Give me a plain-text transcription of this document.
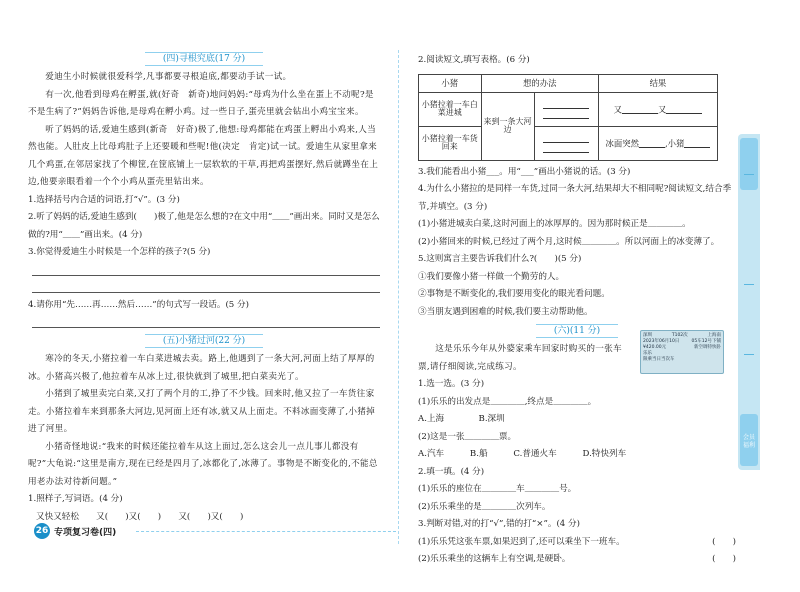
(四)寻根究底(17 分)

爱迪生小时候就很爱科学,凡事都要寻根追底,都要动手试一试。

有一次,他看到母鸡在孵蛋,就(好奇　新奇)地问妈妈:“母鸡为什么坐在蛋上不动呢?是不是生病了?”妈妈告诉他,是母鸡在孵小鸡。过一些日子,蛋壳里就会钻出小鸡宝宝来。

听了妈妈的话,爱迪生感到(新奇　好奇)极了,他想:母鸡都能在鸡蛋上孵出小鸡来,人当然也能。人肚皮上比母鸡肚子上还要暖和些呢!他(决定　肯定)试一试。爱迪生从家里拿来几个鸡蛋,在邻居家找了个柳筐,在筐底铺上一层软软的干草,再把鸡蛋摆好,然后就蹲坐在上边,他要亲眼看着一个个小鸡从蛋壳里钻出来。

1.选择括号内合适的词语,打“√”。(3 分)

2.听了妈妈的话,爱迪生感到(　　)极了,他是怎么想的?在文中用“＿＿”画出来。同时又是怎么做的?用“＿＿”画出来。(4 分)

3.你觉得爱迪生小时候是一个怎样的孩子?(5 分)

4.请你用“先……再……然后……”的句式写一段话。(5 分)

(五)小猪过河(22 分)

寒冷的冬天,小猪拉着一车白菜进城去卖。路上,他遇到了一条大河,河面上结了厚厚的冰。小猪高兴极了,他拉着车从冰上过,很快就到了城里,把白菜卖光了。

小猪到了城里卖完白菜,又打了两个月的工,挣了不少钱。回来时,他又拉了一车货往家走。小猪拉着车来到那条大河边,见河面上还有冰,就又从上面走。不料冰面变薄了,小猪掉进了河里。

小猪奇怪地说:“我来的时候还能拉着车从这上面过,怎么这会儿一点儿事儿都没有呢?”大龟说:“这里是南方,现在已经是四月了,冰都化了,冰薄了。事物是不断变化的,不能总用老办法对待新问题。”

1.照样子,写词语。(4 分)

又快又轻松　　又(　　)又(　　)　　又(　　)又(　　)

26 专项复习卷(四)

2.阅读短文,填写表格。(6 分)

小猪	想的办法		结果
小猪拉着一车白菜进城	来到一条大河边		又 又
小猪拉着一车货回来			冰面突然 ,小猪

3.我们能看出小猪___。用“___”画出小猪说的话。(3 分)

4.为什么小猪拉的是同样一车货,过同一条大河,结果却大不相同呢?阅读短文,结合季节,并填空。(3 分)

(1)小猪进城卖白菜,这时河面上的冰厚厚的。因为那时候正是＿＿＿＿。

(2)小猪回来的时候,已经过了两个月,这时候＿＿＿＿。所以河面上的冰变薄了。

5.这则寓言主要告诉我们什么?(　　)(5 分)

①我们要像小猪一样做一个勤劳的人。

②事物是不断变化的,我们要用变化的眼光看问题。

③当朋友遇到困难的时候,我们要主动帮助他。

(六)(11 分)

这是乐乐今年从外婆家乘车回家时购买的一张车票,请仔细阅读,完成练习。

1.选一选。(3 分)

(1)乐乐的出发点是＿＿＿＿,终点是＿＿＿＿。

A.上海　　　　B.深圳

(2)这是一张＿＿＿＿票。

A.汽车　　　B.船　　　C.普通火车　　　D.特快列车

2.填一填。(4 分)

(1)乐乐的座位在＿＿＿＿车＿＿＿＿号。

(2)乐乐乘坐的是＿＿＿＿次列车。

3.判断对错,对的打“√”,错的打“×”。(4 分)

(1)乐乐凭这张车票,如果迟到了,还可以乘坐下一班车。	(　　)

(2)乐乐乘坐的这辆车上有空调,是硬卧。	(　　)

深圳	T102次	上海南
2023年06月10日	05车12号下铺
¥420.00元	新空调特快卧
乐乐
限乘当日当次车
会员福利
